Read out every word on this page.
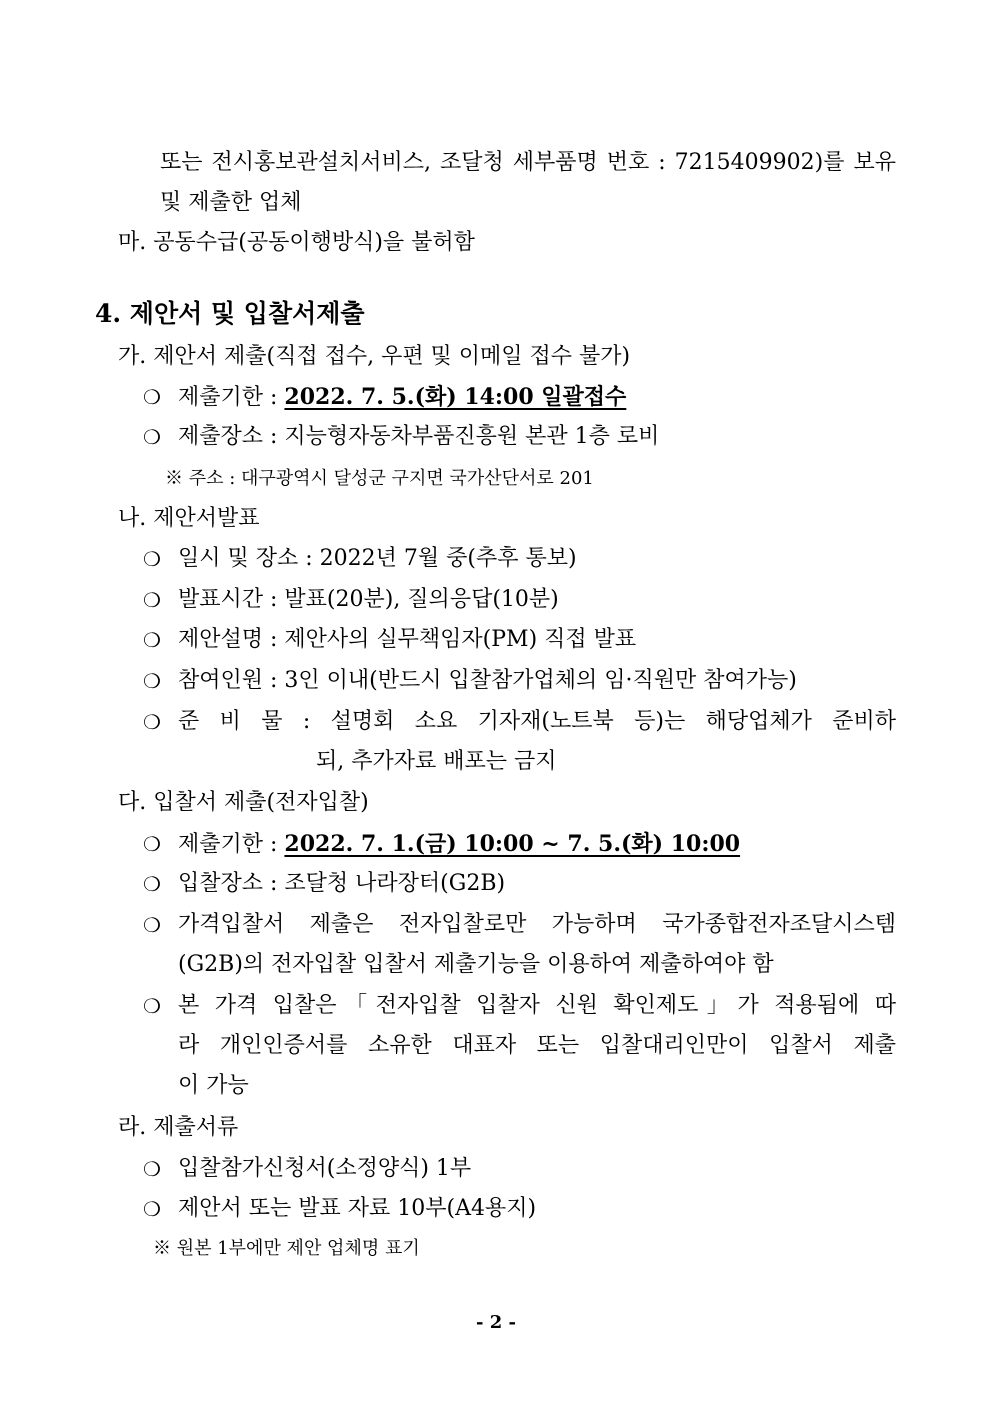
또는 전시홍보관설치서비스, 조달청 세부품명 번호 : 7215409902)를 보유
및 제출한 업체
마. 공동수급(공동이행방식)을 불허함
4. 제안서 및 입찰서제출
가. 제안서 제출(직접 접수, 우편 및 이메일 접수 불가)
❍ 제출기한 : 2022. 7. 5.(화) 14:00 일괄접수
❍ 제출장소 : 지능형자동차부품진흥원 본관 1층 로비
※ 주소 : 대구광역시 달성군 구지면 국가산단서로 201
나. 제안서발표
❍ 일시 및 장소 : 2022년 7월 중(추후 통보)
❍ 발표시간 : 발표(20분), 질의응답(10분)
❍ 제안설명 : 제안사의 실무책임자(PM) 직접 발표
❍ 참여인원 : 3인 이내(반드시 입찰참가업체의 임·직원만 참여가능)
❍ 준 비 물 : 설명회 소요 기자재(노트북 등)는 해당업체가 준비하
되, 추가자료 배포는 금지
다. 입찰서 제출(전자입찰)
❍ 제출기한 : 2022. 7. 1.(금) 10:00 ~ 7. 5.(화) 10:00
❍ 입찰장소 : 조달청 나라장터(G2B)
❍ 가격입찰서 제출은 전자입찰로만 가능하며 국가종합전자조달시스템
(G2B)의 전자입찰 입찰서 제출기능을 이용하여 제출하여야 함
❍ 본 가격 입찰은「전자입찰 입찰자 신원 확인제도」가 적용됨에 따
라 개인인증서를 소유한 대표자 또는 입찰대리인만이 입찰서 제출
이 가능
라. 제출서류
❍ 입찰참가신청서(소정양식) 1부
❍ 제안서 또는 발표 자료 10부(A4용지)
※ 원본 1부에만 제안 업체명 표기
- 2 -
